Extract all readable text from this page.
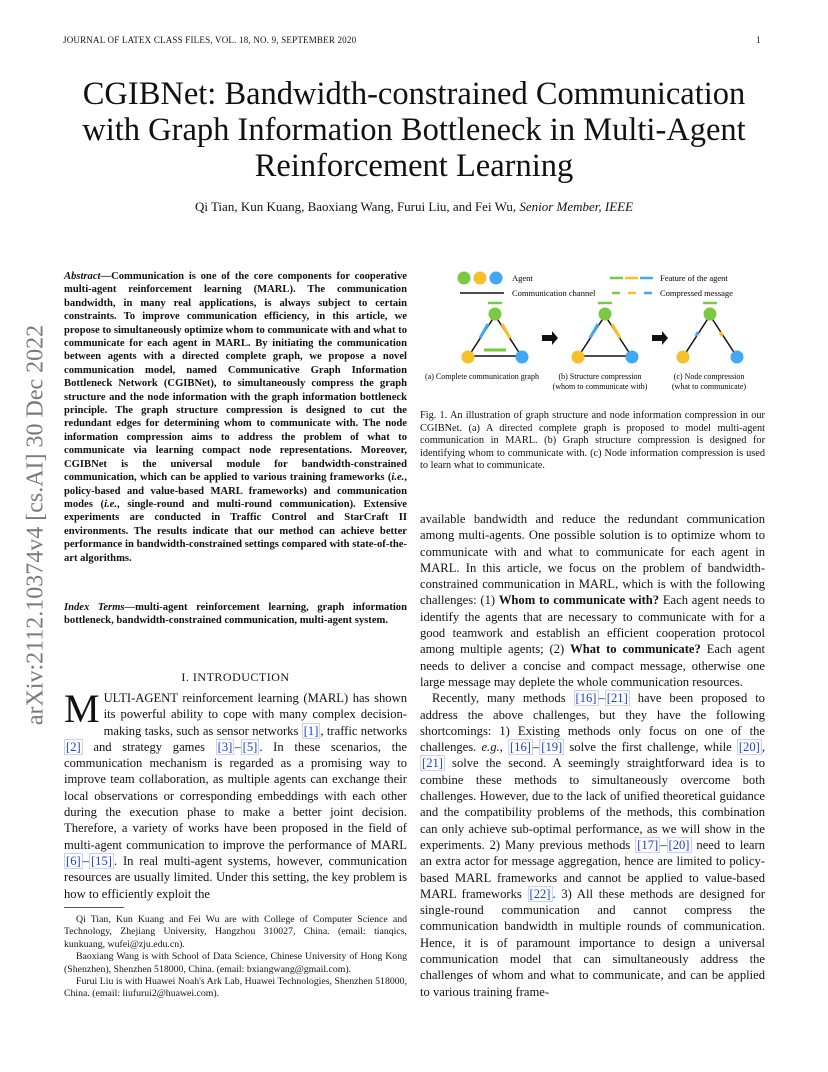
JOURNAL OF LATEX CLASS FILES, VOL. 18, NO. 9, SEPTEMBER 2020	1
arXiv:2112.10374v4 [cs.AI] 30 Dec 2022
CGIBNet: Bandwidth-constrained Communication with Graph Information Bottleneck in Multi-Agent Reinforcement Learning
Qi Tian, Kun Kuang, Baoxiang Wang, Furui Liu, and Fei Wu, Senior Member, IEEE
Abstract—Communication is one of the core components for cooperative multi-agent reinforcement learning (MARL). The communication bandwidth, in many real applications, is always subject to certain constraints. To improve communication efficiency, in this article, we propose to simultaneously optimize whom to communicate with and what to communicate for each agent in MARL. By initiating the communication between agents with a directed complete graph, we propose a novel communication model, named Communicative Graph Information Bottleneck Network (CGIBNet), to simultaneously compress the graph structure and the node information with the graph information bottleneck principle. The graph structure compression is designed to cut the redundant edges for determining whom to communicate with. The node information compression aims to address the problem of what to communicate via learning compact node representations. Moreover, CGIBNet is the universal module for bandwidth-constrained communication, which can be applied to various training frameworks (i.e., policy-based and value-based MARL frameworks) and communication modes (i.e., single-round and multi-round communication). Extensive experiments are conducted in Traffic Control and StarCraft II environments. The results indicate that our method can achieve better performance in bandwidth-constrained settings compared with state-of-the-art algorithms.
Index Terms—multi-agent reinforcement learning, graph information bottleneck, bandwidth-constrained communication, multi-agent system.
I. INTRODUCTION
MULTI-AGENT reinforcement learning (MARL) has shown its powerful ability to cope with many complex decision-making tasks, such as sensor networks [1] , traffic networks [2] and strategy games [3] – [5] . In these scenarios, the communication mechanism is regarded as a promising way to improve team collaboration, as multiple agents can exchange their local observations or corresponding embeddings with each other during the execution phase to make a better joint decision. Therefore, a variety of works have been proposed in the field of multi-agent communication to improve the performance of MARL [6] – [15] . In real multi-agent systems, however, communication resources are usually limited. Under this setting, the key problem is how to efficiently exploit the

Qi Tian, Kun Kuang and Fei Wu are with College of Computer Science and Technology, Zhejiang University, Hangzhou 310027, China. (email: tianqics, kunkuang, wufei@zju.edu.cn).

Baoxiang Wang is with School of Data Science, Chinese University of Hong Kong (Shenzhen), Shenzhen 518000, China. (email: bxiangwang@gmail.com).

Furui Liu is with Huawei Noah's Ark Lab, Huawei Technologies, Shenzhen 518000, China. (email: liufurui2@huawei.com).

Agent
Communication channel
Feature of the agent
Compressed message
(a) Complete communication graph (b) Structure compression
(whom to communicate with)
(c) Node compression
(what to communicate)
Fig. 1. An illustration of graph structure and node information compression in our CGIBNet. (a) A directed complete graph is proposed to model multi-agent communication in MARL. (b) Graph structure compression is designed for identifying whom to communicate with. (c) Node information compression is used to learn what to communicate.

available bandwidth and reduce the redundant communication among multi-agents. One possible solution is to optimize whom to communicate with and what to communicate for each agent in MARL. In this article, we focus on the problem of bandwidth-constrained communication in MARL, which is with the following challenges: (1) Whom to communicate with? Each agent needs to identify the agents that are necessary to communicate with for a good teamwork and establish an efficient cooperation protocol among multiple agents; (2) What to communicate? Each agent needs to deliver a concise and compact message, otherwise one large message may deplete the whole communication resources.

Recently, many methods [16] – [21] have been proposed to address the above challenges, but they have the following shortcomings: 1) Existing methods only focus on one of the challenges. e.g., [16] – [19] solve the first challenge, while [20] , [21] solve the second. A seemingly straightforward idea is to combine these methods to simultaneously overcome both challenges. However, due to the lack of unified theoretical guidance and the compatibility problems of the methods, this combination can only achieve sub-optimal performance, as we will show in the experiments. 2) Many previous methods [17] – [20] need to learn an extra actor for message aggregation, hence are limited to policy-based MARL frameworks and cannot be applied to value-based MARL frameworks [22] . 3) All these methods are designed for single-round communication and cannot compress the communication bandwidth in multiple rounds of communication. Hence, it is of paramount importance to design a universal communication model that can simultaneously address the challenges of whom and what to communicate, and can be applied to various training frame-
